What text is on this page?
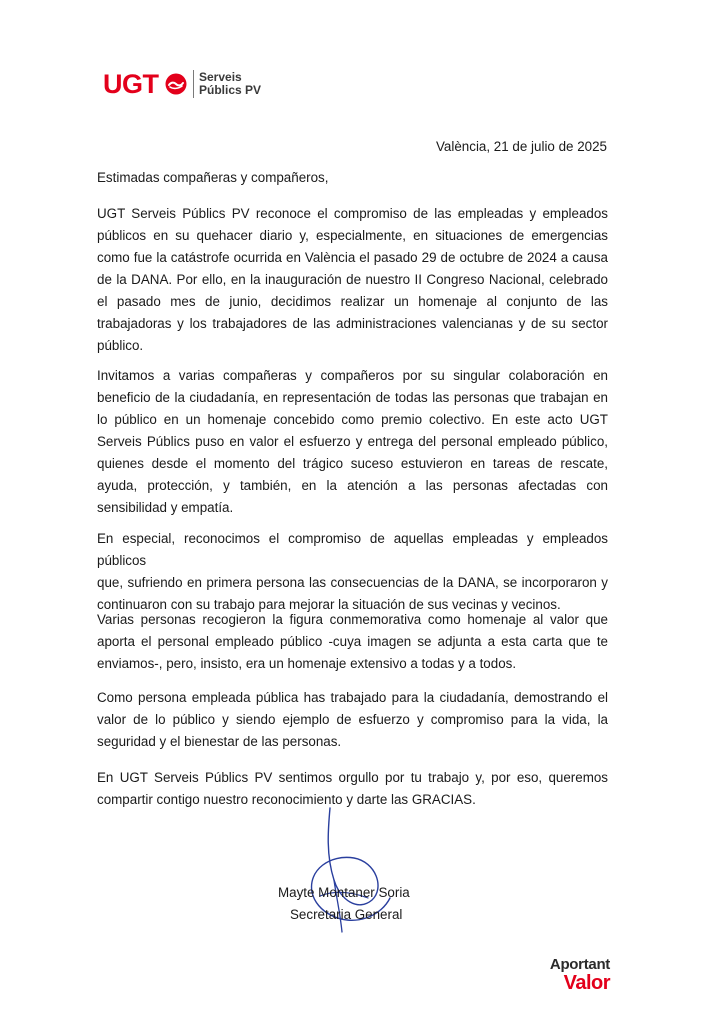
UGT	Serveis
Públics PV
València, 21 de julio de 2025
Estimadas compañeras y compañeros,
UGT Serveis Públics PV reconoce el compromiso de las empleadas y empleados
públicos en su quehacer diario y, especialmente, en situaciones de emergencias
como fue la catástrofe ocurrida en València el pasado 29 de octubre de 2024 a causa
de la DANA. Por ello, en la inauguración de nuestro II Congreso Nacional, celebrado
el pasado mes de junio, decidimos realizar un homenaje al conjunto de las
trabajadoras y los trabajadores de las administraciones valencianas y de su sector
público.
Invitamos a varias compañeras y compañeros por su singular colaboración en
beneficio de la ciudadanía, en representación de todas las personas que trabajan en
lo público en un homenaje concebido como premio colectivo. En este acto UGT
Serveis Públics puso en valor el esfuerzo y entrega del personal empleado público,
quienes desde el momento del trágico suceso estuvieron en tareas de rescate,
ayuda, protección, y también, en la atención a las personas afectadas con
sensibilidad y empatía.
En especial, reconocimos el compromiso de aquellas empleadas y empleados públicos
que, sufriendo en primera persona las consecuencias de la DANA, se incorporaron y
continuaron con su trabajo para mejorar la situación de sus vecinas y vecinos.
Varias personas recogieron la figura conmemorativa como homenaje al valor que
aporta el personal empleado público -cuya imagen se adjunta a esta carta que te
enviamos-, pero, insisto, era un homenaje extensivo a todas y a todos.
Como persona empleada pública has trabajado para la ciudadanía, demostrando el
valor de lo público y siendo ejemplo de esfuerzo y compromiso para la vida, la
seguridad y el bienestar de las personas.
En UGT Serveis Públics PV sentimos orgullo por tu trabajo y, por eso, queremos
compartir contigo nuestro reconocimiento y darte las GRACIAS.
Mayte Montaner Soria
Secretaria General
Aportant
Valor
